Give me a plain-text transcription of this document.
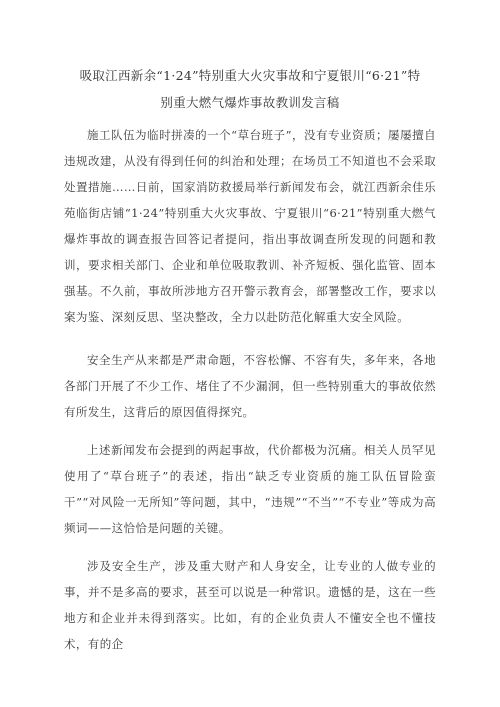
吸取江西新余“1·24”特别重大火灾事故和宁夏银川“6·21”特
别重大燃气爆炸事故教训发言稿

施工队伍为临时拼凑的一个“草台班子”，没有专业资质；屡屡擅自违规改建，从没有得到任何的纠治和处理；在场员工不知道也不会采取处置措施……日前，国家消防救援局举行新闻发布会，就江西新余佳乐苑临街店铺“1·24”特别重大火灾事故、宁夏银川“6·21”特别重大燃气爆炸事故的调查报告回答记者提问，指出事故调查所发现的问题和教训，要求相关部门、企业和单位吸取教训、补齐短板、强化监管、固本强基。不久前，事故所涉地方召开警示教育会，部署整改工作，要求以案为鉴、深刻反思、坚决整改，全力以赴防范化解重大安全风险。

安全生产从来都是严肃命题，不容松懈、不容有失，多年来，各地各部门开展了不少工作、堵住了不少漏洞，但一些特别重大的事故依然有所发生，这背后的原因值得探究。

上述新闻发布会提到的两起事故，代价都极为沉痛。相关人员罕见使用了“草台班子”的表述，指出“缺乏专业资质的施工队伍冒险蛮干”“对风险一无所知”等问题，其中，“违规”“不当”“不专业”等成为高频词——这恰恰是问题的关键。

涉及安全生产，涉及重大财产和人身安全，让专业的人做专业的事，并不是多高的要求，甚至可以说是一种常识。遗憾的是，这在一些地方和企业并未得到落实。比如，有的企业负责人不懂安全也不懂技术，有的企
